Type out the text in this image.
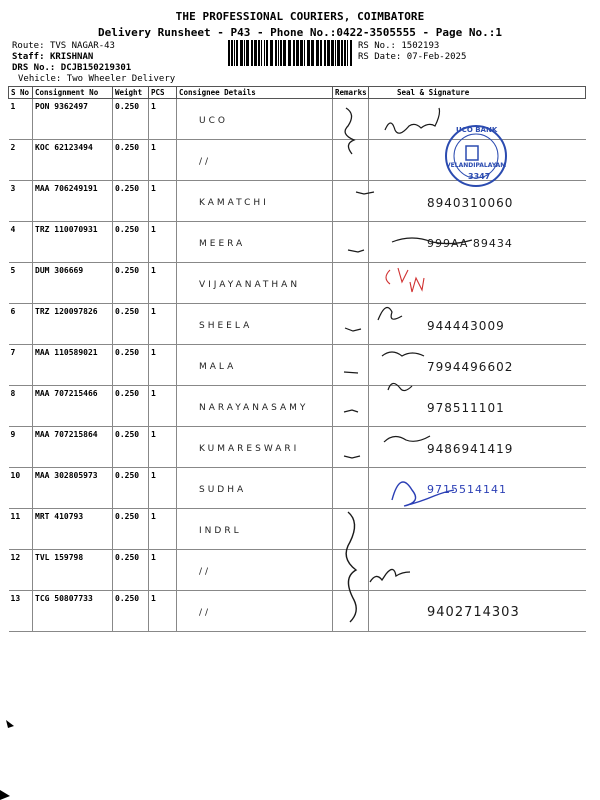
THE PROFESSIONAL COURIERS, COIMBATORE
Delivery Runsheet - P43 - Phone No.:0422-3505555 - Page No.:1
Route: TVS NAGAR-43
Staff: KRISHNAN
DRS No.: DCJB150219301
Vehicle: Two Wheeler Delivery
RS No.: 1502193
RS Date: 07-Feb-2025
S No	Consignment No	Weight	PCS	Consignee Details	Remarks	Seal & Signature
1	PON 9362497	0.250	1	UCO		
2	KOC 62123494	0.250	1	//		
3	MAA 706249191	0.250	1	KAMATCHI		8940310060
4	TRZ 110070931	0.250	1	MEERA		999AA 89434
5	DUM 306669	0.250	1	VIJAYANATHAN		
6	TRZ 120097826	0.250	1	SHEELA		944443009
7	MAA 110589021	0.250	1	MALA		7994496602
8	MAA 707215466	0.250	1	NARAYANASAMY		978511101
9	MAA 707215864	0.250	1	KUMARESWARI		9486941419
10	MAA 302805973	0.250	1	SUDHA		9715514141
11	MRT 410793	0.250	1	INDRL		
12	TVL 159798	0.250	1	//		
13	TCG 50807733	0.250	1	//		9402714303
UCO BANK
VELANDIPALAYAM
3347
